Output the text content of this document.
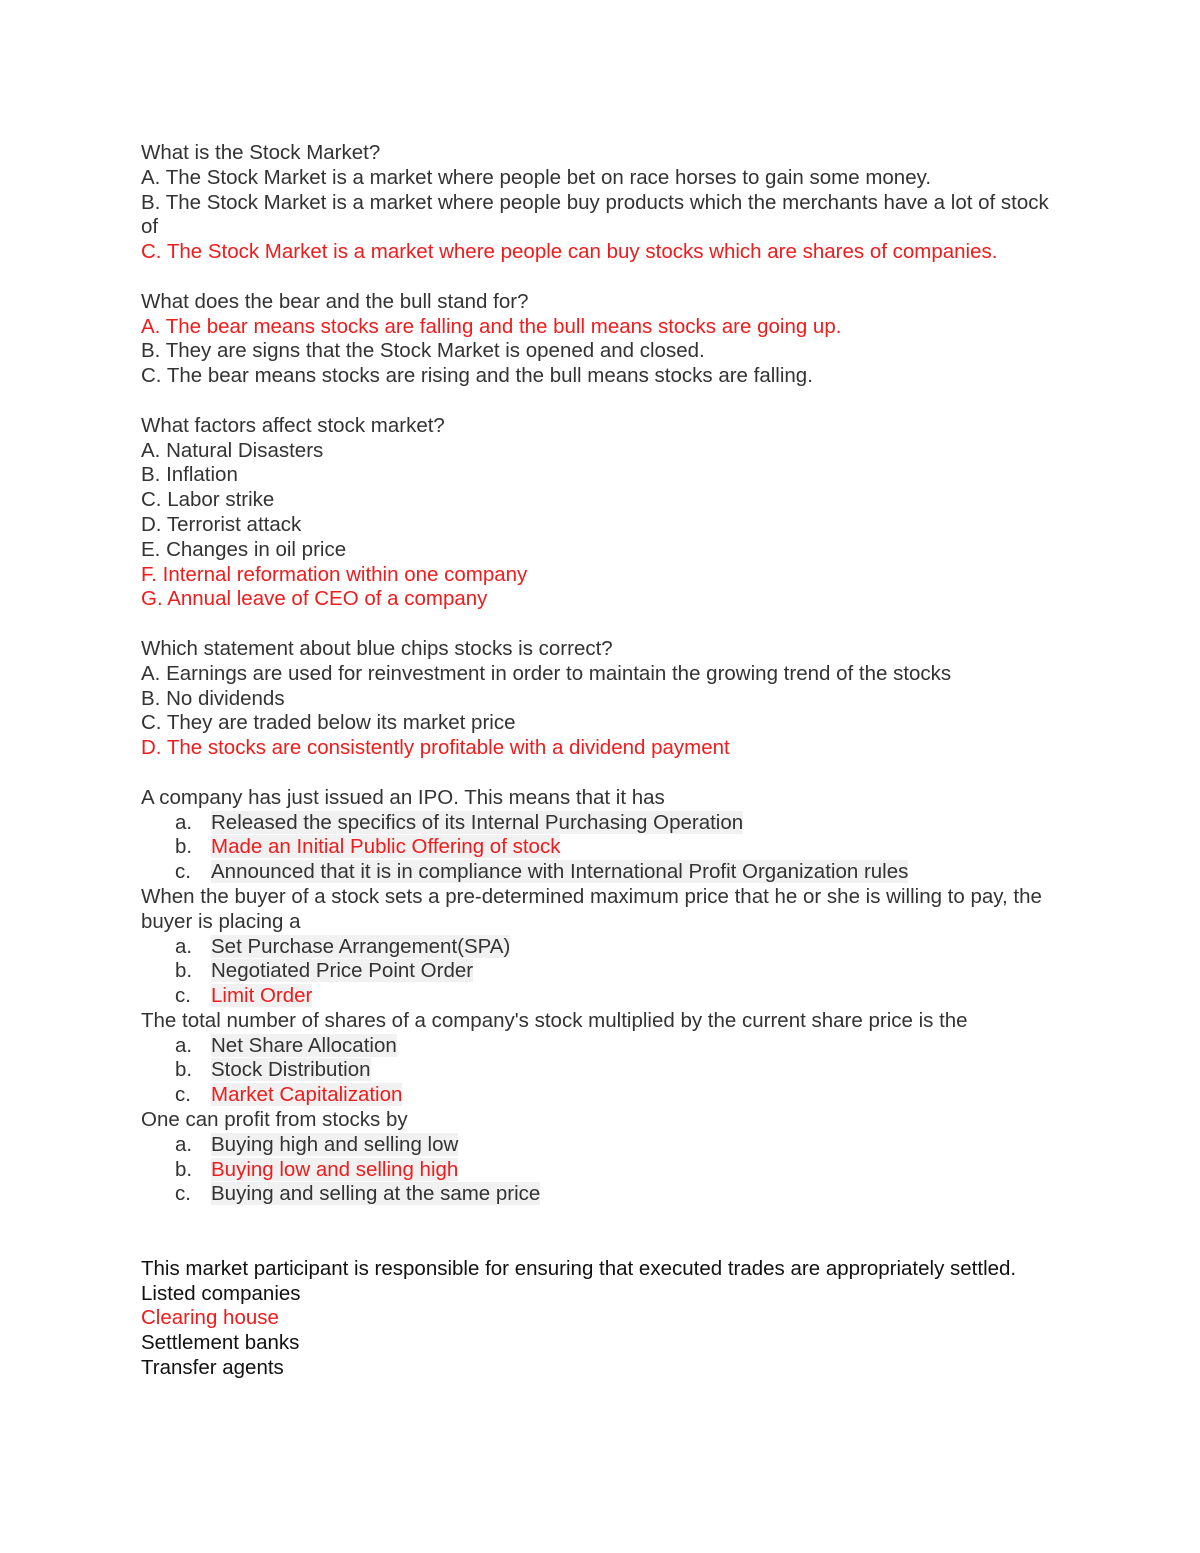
What is the Stock Market?
A. The Stock Market is a market where people bet on race horses to gain some money.
B. The Stock Market is a market where people buy products which the merchants have a lot of stock of
C. The Stock Market is a market where people can buy stocks which are shares of companies.
What does the bear and the bull stand for?
A. The bear means stocks are falling and the bull means stocks are going up.
B. They are signs that the Stock Market is opened and closed.
C. The bear means stocks are rising and the bull means stocks are falling.
What factors affect stock market?
A. Natural Disasters
B. Inflation
C. Labor strike
D. Terrorist attack
E. Changes in oil price
F. Internal reformation within one company
G. Annual leave of CEO of a company
Which statement about blue chips stocks is correct?
A. Earnings are used for reinvestment in order to maintain the growing trend of the stocks
B. No dividends
C. They are traded below its market price
D. The stocks are consistently profitable with a dividend payment
A company has just issued an IPO. This means that it has
a. Released the specifics of its Internal Purchasing Operation
b. Made an Initial Public Offering of stock
c. Announced that it is in compliance with International Profit Organization rules
When the buyer of a stock sets a pre-determined maximum price that he or she is willing to pay, the buyer is placing a
a. Set Purchase Arrangement(SPA)
b. Negotiated Price Point Order
c. Limit Order
The total number of shares of a company's stock multiplied by the current share price is the
a. Net Share Allocation
b. Stock Distribution
c. Market Capitalization
One can profit from stocks by
a. Buying high and selling low
b. Buying low and selling high
c. Buying and selling at the same price
This market participant is responsible for ensuring that executed trades are appropriately settled.
Listed companies
Clearing house
Settlement banks
Transfer agents
